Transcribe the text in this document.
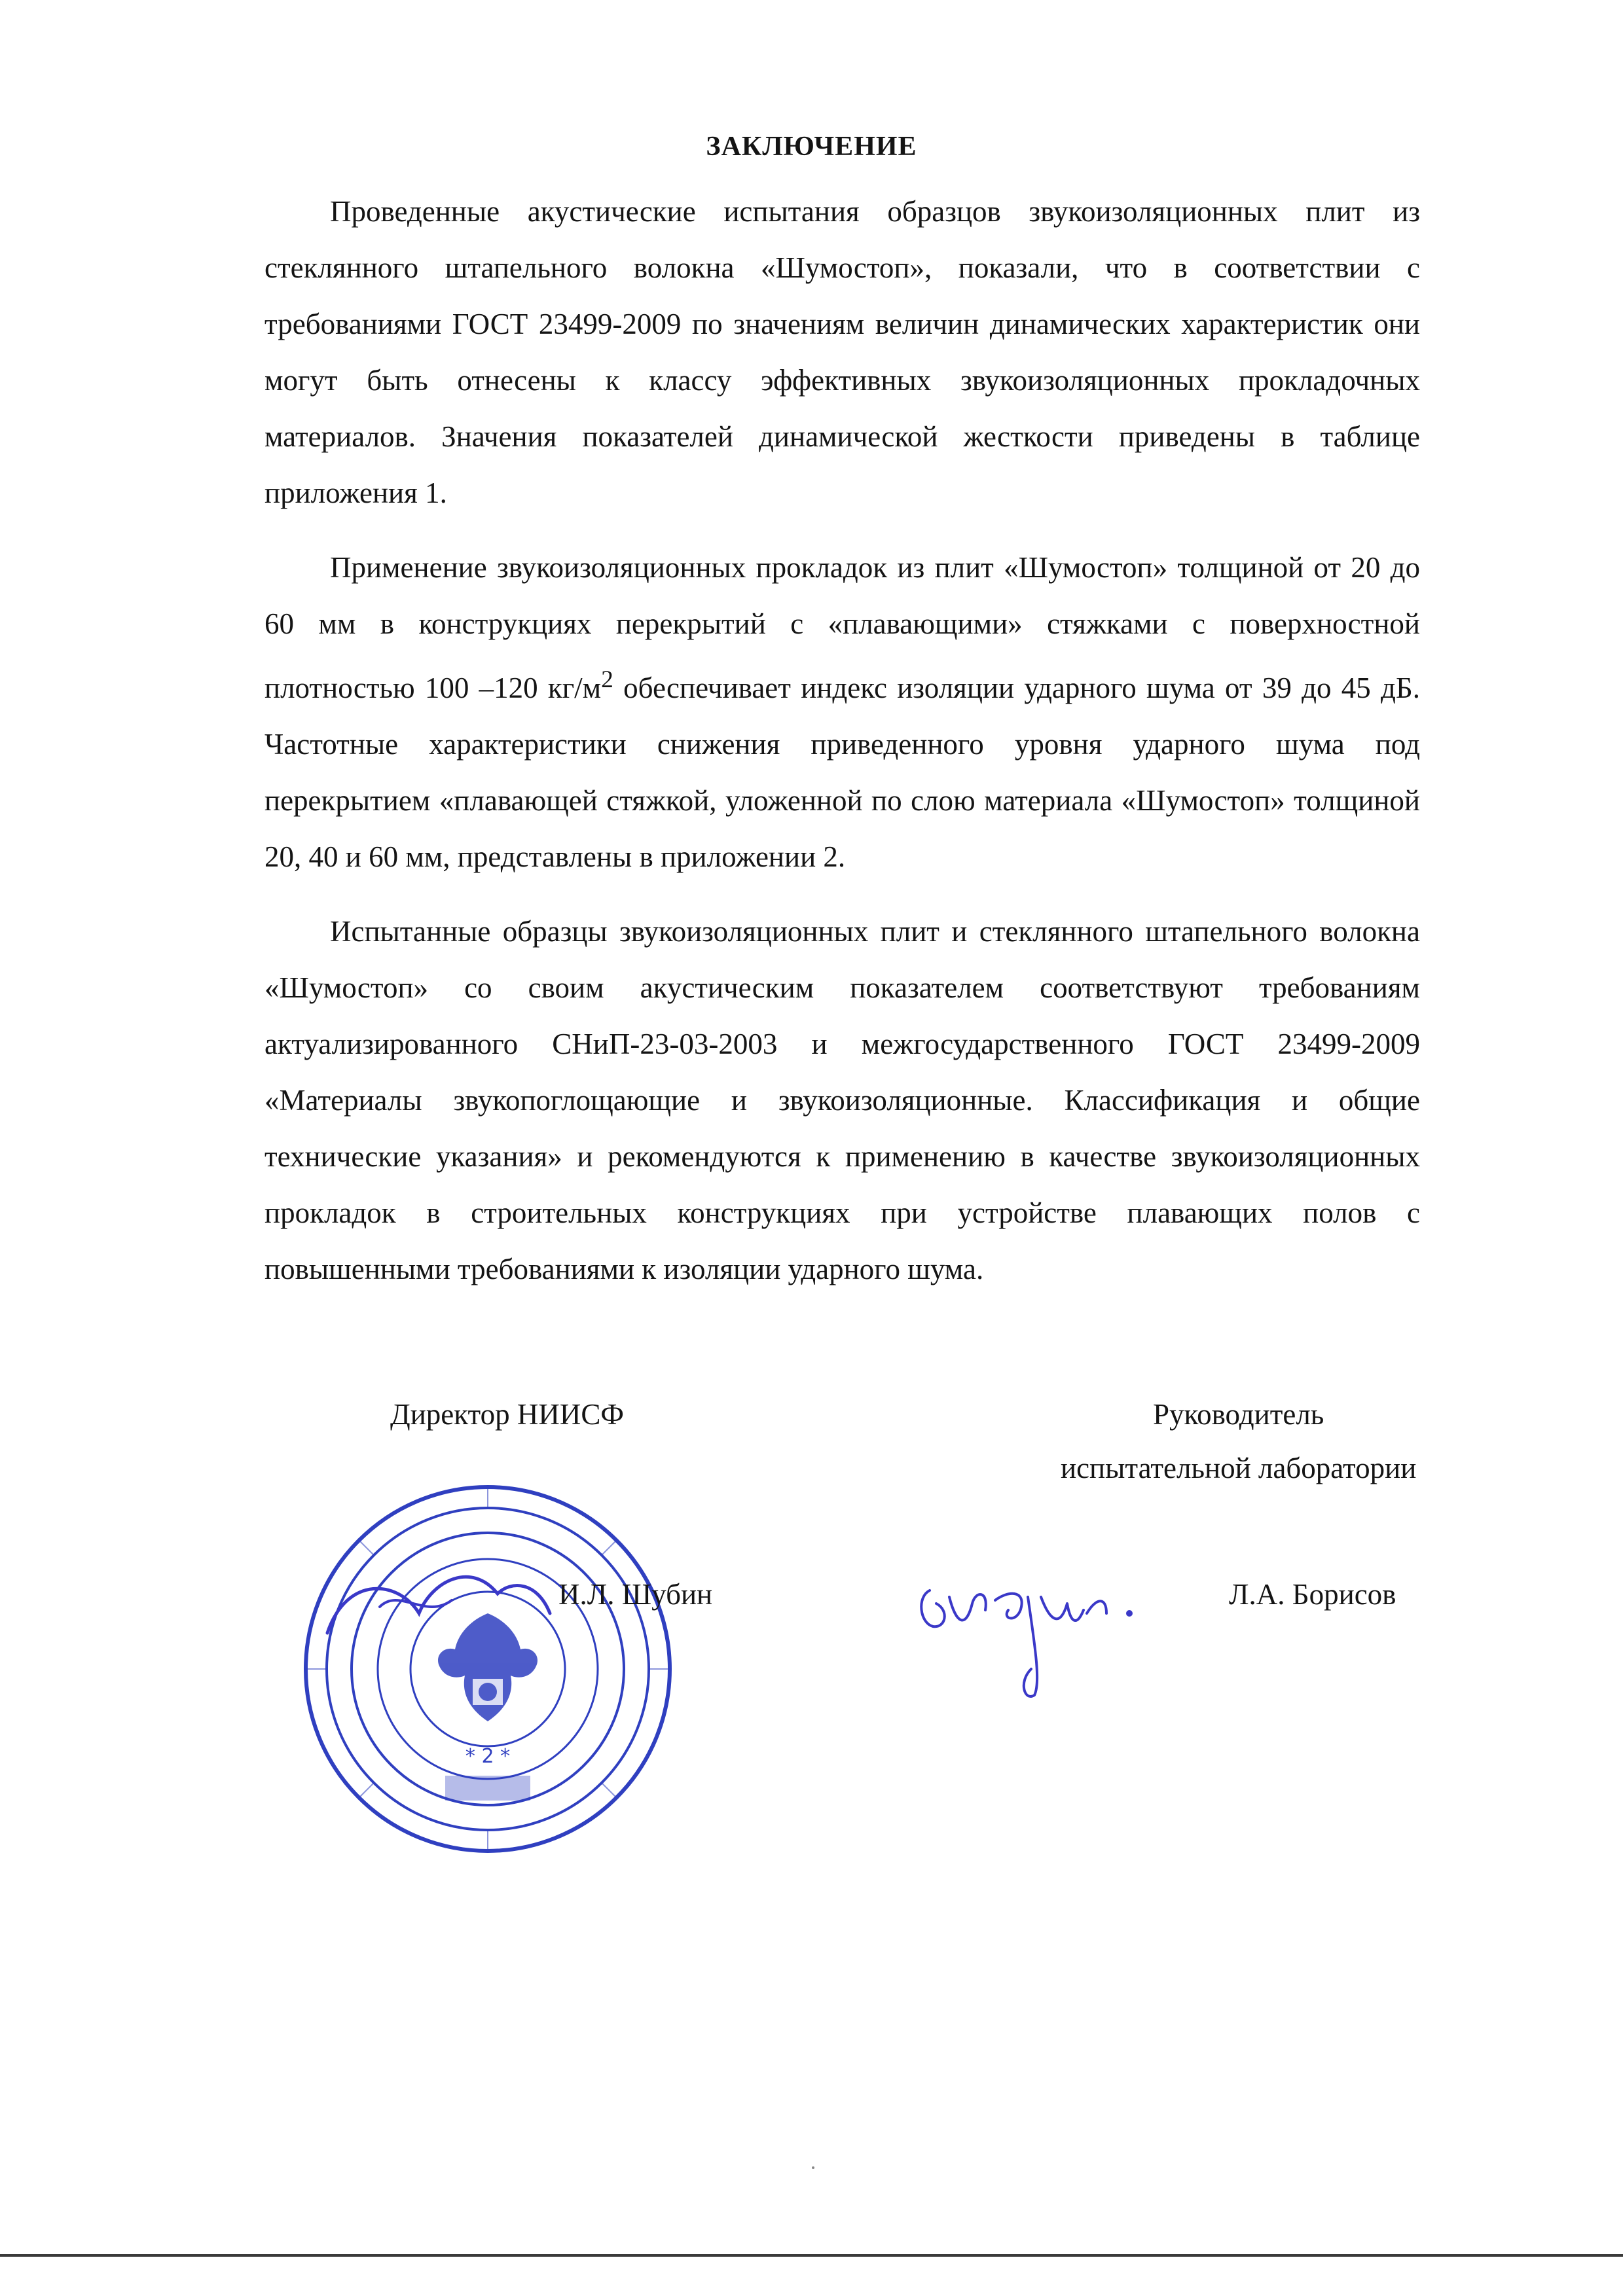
ЗАКЛЮЧЕНИЕ

Проведенные акустические испытания образцов звукоизоляционных плит из стеклянного штапельного волокна «Шумостоп», показали, что в соответствии с требованиями ГОСТ 23499-2009 по значениям величин динамических характеристик они могут быть отнесены к классу эффективных звукоизоляционных прокладочных материалов. Значения показателей динамической жесткости приведены в таблице приложения 1.

Применение звукоизоляционных прокладок из плит «Шумостоп» толщиной от 20 до 60 мм в конструкциях перекрытий с «плавающими» стяжками с поверхностной плотностью 100 –120 $кг/м^2$ обеспечивает индекс изоляции ударного шума от 39 до 45 дБ. Частотные характеристики снижения приведенного уровня ударного шума под перекрытием «плавающей стяжкой, уложенной по слою материала «Шумостоп» толщиной 20, 40 и 60 мм, представлены в приложении 2.

Испытанные образцы звукоизоляционных плит и стеклянного штапельного волокна «Шумостоп» со своим акустическим показателем соответствуют требованиям актуализированного СНиП-23-03-2003 и межгосударственного ГОСТ 23499-2009 «Материалы звукопоглощающие и звукоизоляционные. Классификация и общие технические указания» и рекомендуются к применению в качестве звукоизоляционных прокладок в строительных конструкциях при устройстве плавающих полов с повышенными требованиями к изоляции ударного шума.

Директор НИИСФ	Руководитель
испытательной лаборатории
* 2 *
И.Л. Шубин	Л.А. Борисов
